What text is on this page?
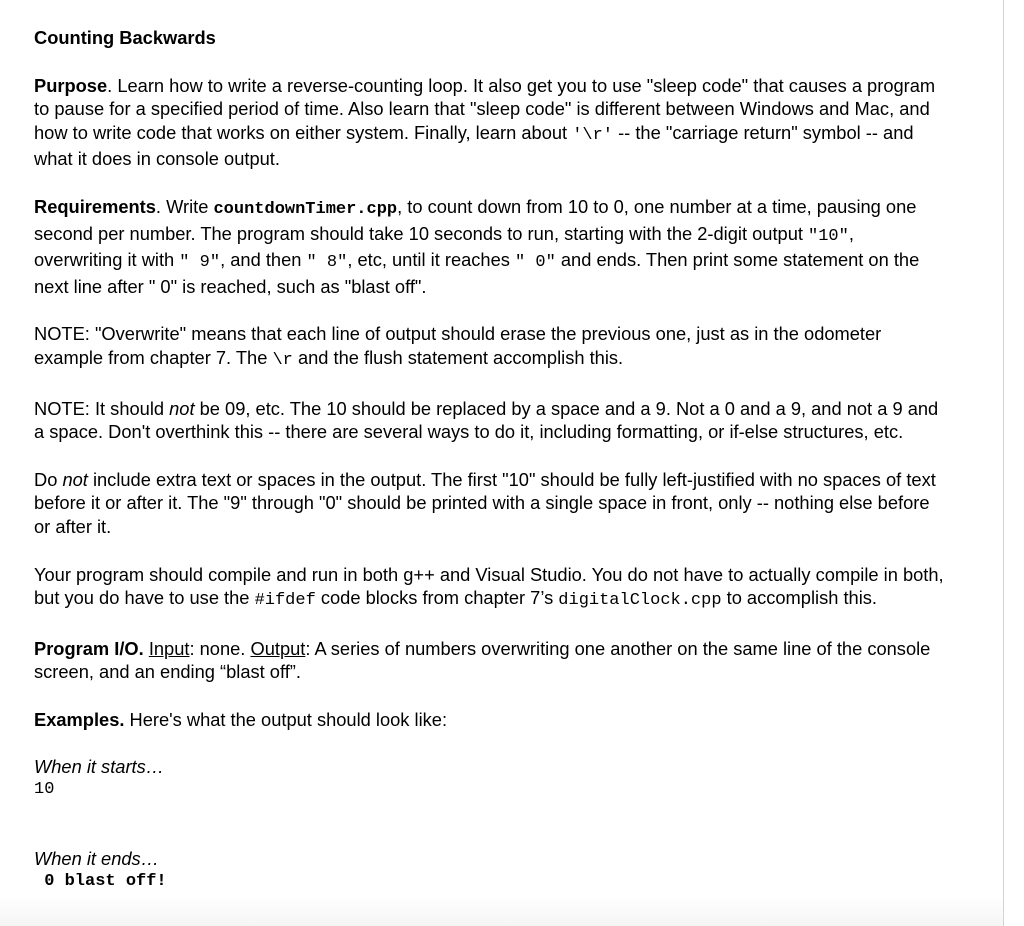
Counting Backwards

Purpose. Learn how to write a reverse-counting loop. It also get you to use "sleep code" that causes a program to pause for a specified period of time. Also learn that "sleep code" is different between Windows and Mac, and how to write code that works on either system. Finally, learn about '\r' -- the "carriage return" symbol -- and what it does in console output.

Requirements. Write countdownTimer.cpp, to count down from 10 to 0, one number at a time, pausing one second per number. The program should take 10 seconds to run, starting with the 2-digit output "10", overwriting it with " 9", and then " 8", etc, until it reaches " 0" and ends. Then print some statement on the next line after " 0" is reached, such as "blast off".

NOTE: "Overwrite" means that each line of output should erase the previous one, just as in the odometer example from chapter 7. The \r and the flush statement accomplish this.

NOTE: It should not be 09, etc. The 10 should be replaced by a space and a 9. Not a 0 and a 9, and not a 9 and a space. Don't overthink this -- there are several ways to do it, including formatting, or if-else structures, etc.

Do not include extra text or spaces in the output. The first "10" should be fully left-justified with no spaces of text before it or after it. The "9" through "0" should be printed with a single space in front, only -- nothing else before or after it.

Your program should compile and run in both g++ and Visual Studio. You do not have to actually compile in both, but you do have to use the #ifdef code blocks from chapter 7’s digitalClock.cpp to accomplish this.

Program I/O. Input: none. Output: A series of numbers overwriting one another on the same line of the console screen, and an ending “blast off”.

Examples. Here's what the output should look like:

When it starts…
10
When it ends…
0 blast off!
